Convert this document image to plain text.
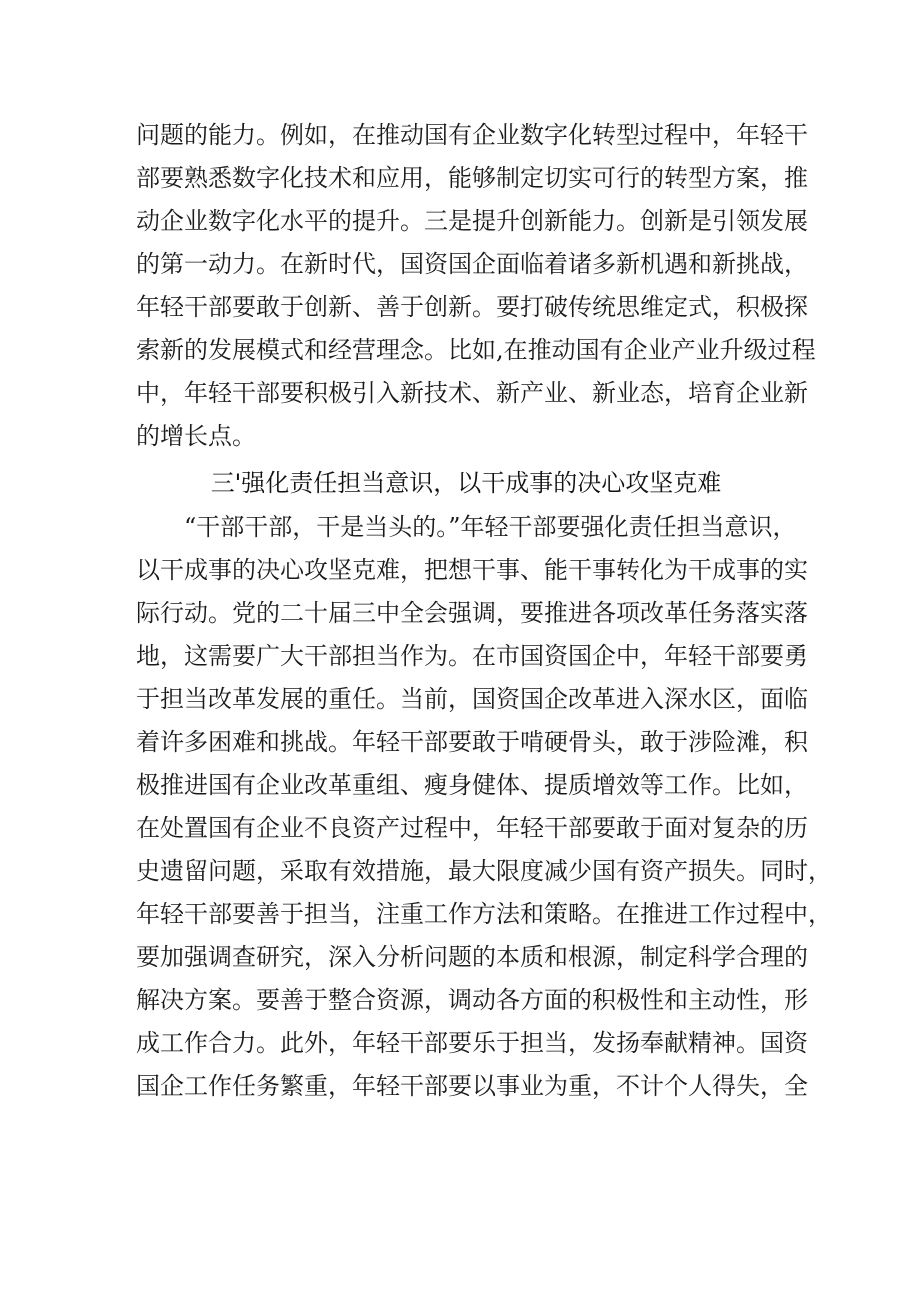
问题的能力。例如，在推动国有企业数字化转型过程中，年轻干
部要熟悉数字化技术和应用，能够制定切实可行的转型方案，推
动企业数字化水平的提升。三是提升创新能力。创新是引领发展
的第一动力。在新时代，国资国企面临着诸多新机遇和新挑战，
年轻干部要敢于创新、善于创新。要打破传统思维定式，积极探
索新的发展模式和经营理念。比如,在推动国有企业产业升级过程
中，年轻干部要积极引入新技术、新产业、新业态，培育企业新
的增长点。
三'强化责任担当意识，以干成事的决心攻坚克难
“干部干部，干是当头的。”年轻干部要强化责任担当意识，
以干成事的决心攻坚克难，把想干事、能干事转化为干成事的实
际行动。党的二十届三中全会强调，要推进各项改革任务落实落
地，这需要广大干部担当作为。在市国资国企中，年轻干部要勇
于担当改革发展的重任。当前，国资国企改革进入深水区，面临
着许多困难和挑战。年轻干部要敢于啃硬骨头，敢于涉险滩，积
极推进国有企业改革重组、瘦身健体、提质增效等工作。比如，
在处置国有企业不良资产过程中，年轻干部要敢于面对复杂的历
史遗留问题，采取有效措施，最大限度减少国有资产损失。同时，
年轻干部要善于担当，注重工作方法和策略。在推进工作过程中，
要加强调查研究，深入分析问题的本质和根源，制定科学合理的
解决方案。要善于整合资源，调动各方面的积极性和主动性，形
成工作合力。此外，年轻干部要乐于担当，发扬奉献精神。国资
国企工作任务繁重，年轻干部要以事业为重，不计个人得失，全
